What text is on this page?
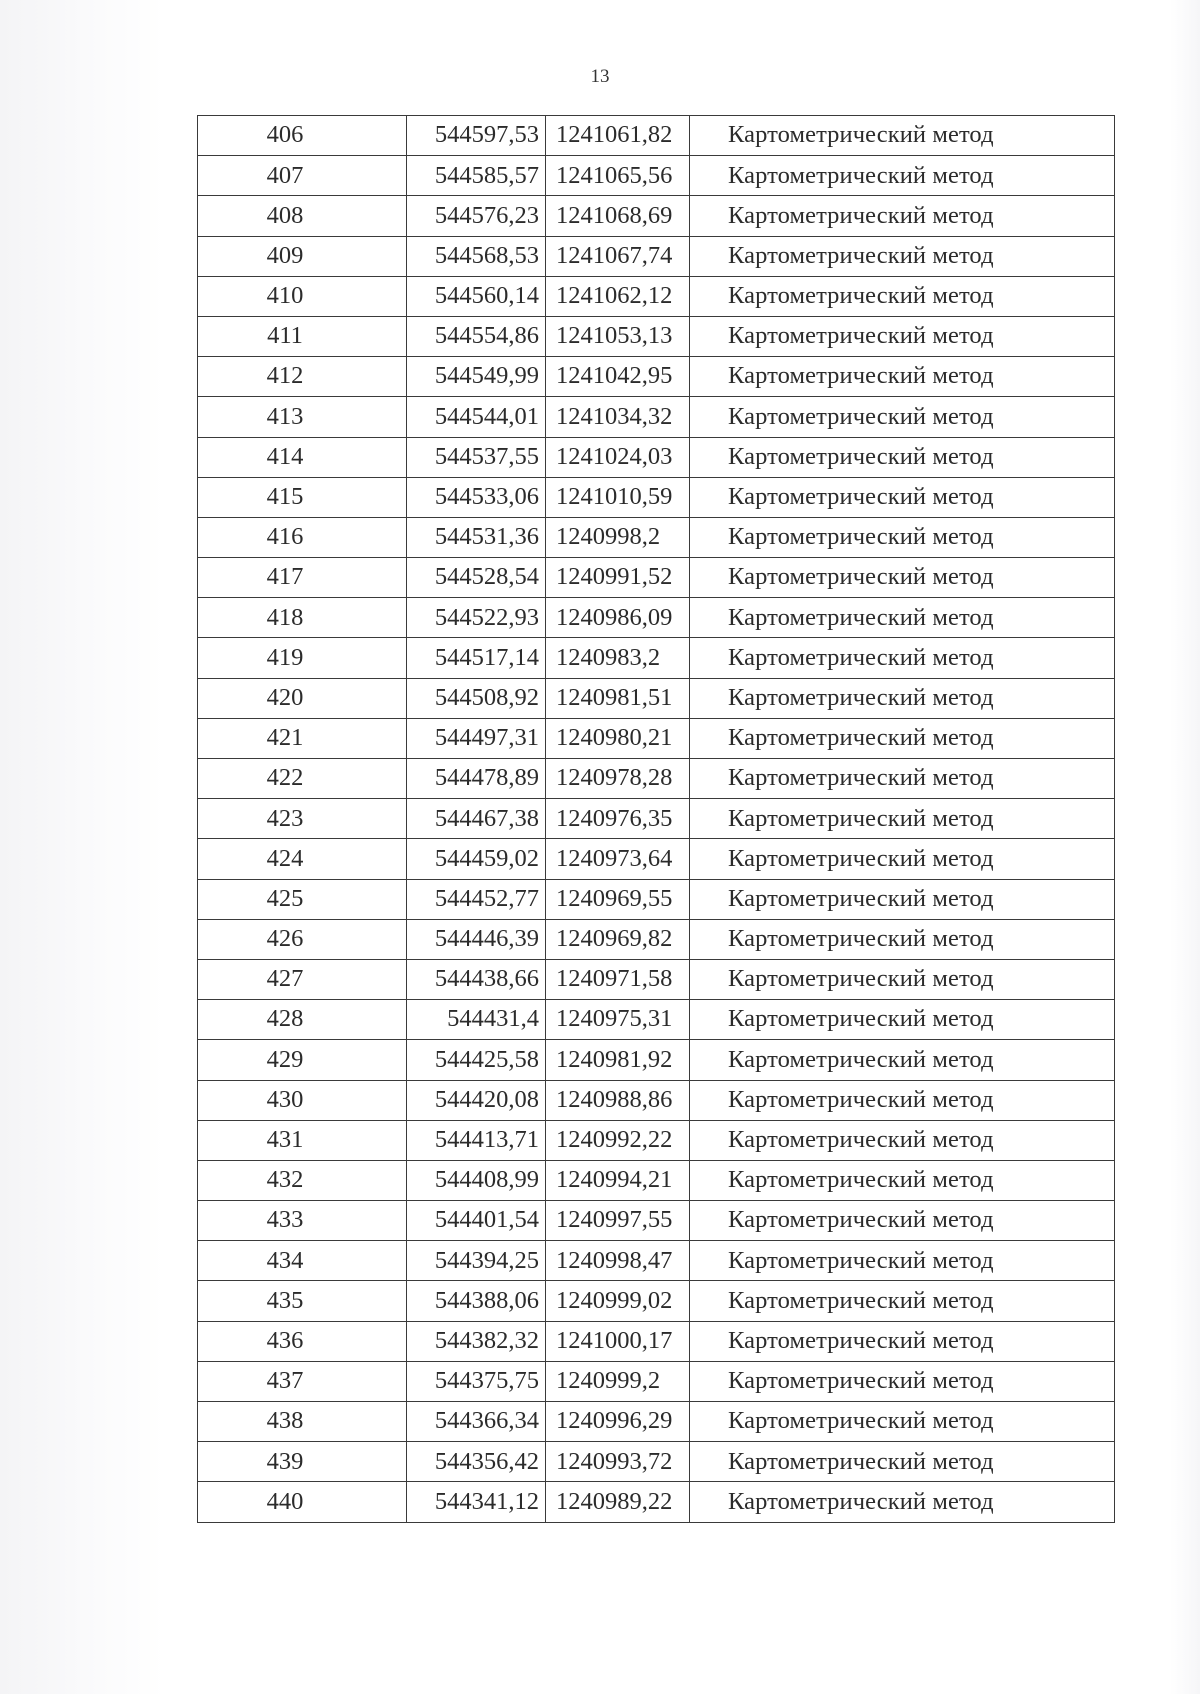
13
406	544597,53	1241061,82	Картометрический метод
407	544585,57	1241065,56	Картометрический метод
408	544576,23	1241068,69	Картометрический метод
409	544568,53	1241067,74	Картометрический метод
410	544560,14	1241062,12	Картометрический метод
411	544554,86	1241053,13	Картометрический метод
412	544549,99	1241042,95	Картометрический метод
413	544544,01	1241034,32	Картометрический метод
414	544537,55	1241024,03	Картометрический метод
415	544533,06	1241010,59	Картометрический метод
416	544531,36	1240998,2	Картометрический метод
417	544528,54	1240991,52	Картометрический метод
418	544522,93	1240986,09	Картометрический метод
419	544517,14	1240983,2	Картометрический метод
420	544508,92	1240981,51	Картометрический метод
421	544497,31	1240980,21	Картометрический метод
422	544478,89	1240978,28	Картометрический метод
423	544467,38	1240976,35	Картометрический метод
424	544459,02	1240973,64	Картометрический метод
425	544452,77	1240969,55	Картометрический метод
426	544446,39	1240969,82	Картометрический метод
427	544438,66	1240971,58	Картометрический метод
428	544431,4	1240975,31	Картометрический метод
429	544425,58	1240981,92	Картометрический метод
430	544420,08	1240988,86	Картометрический метод
431	544413,71	1240992,22	Картометрический метод
432	544408,99	1240994,21	Картометрический метод
433	544401,54	1240997,55	Картометрический метод
434	544394,25	1240998,47	Картометрический метод
435	544388,06	1240999,02	Картометрический метод
436	544382,32	1241000,17	Картометрический метод
437	544375,75	1240999,2	Картометрический метод
438	544366,34	1240996,29	Картометрический метод
439	544356,42	1240993,72	Картометрический метод
440	544341,12	1240989,22	Картометрический метод
